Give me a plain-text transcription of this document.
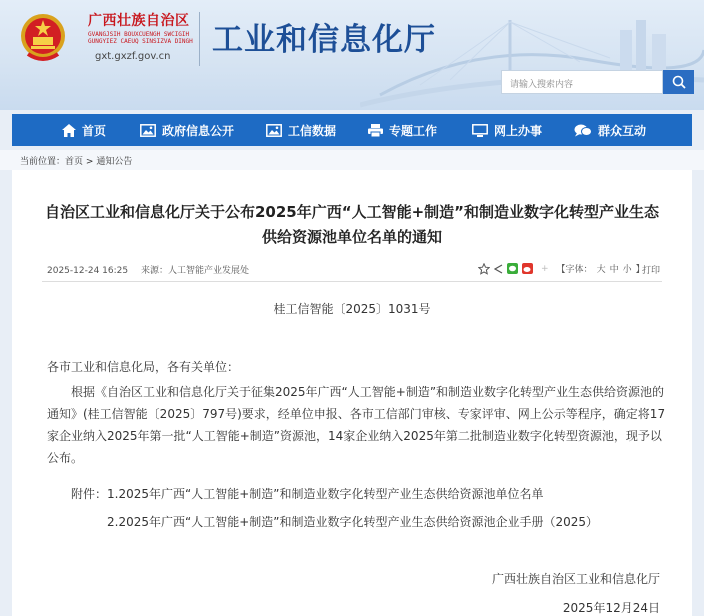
广西壮族自治区
GVANGJSIH BOUXCUENGH SWCIGIH
GUNGYIEZ CAEUQ SINSIZVA DINGH
gxt.gxzf.gov.cn 工业和信息化厅
请输入搜索内容
首页	政府信息公开	工信数据	专题工作	网上办事	群众互动
当前位置：首页 > 通知公告
自治区工业和信息化厅关于公布2025年广西“人工智能+制造”和制造业数字化转型产业生态供给资源池单位名单的通知
2025-12-24 16:25 来源：人工智能产业发展处	+ 【字体： 大 中 小 】
打印
桂工信智能〔2025〕1031号
各市工业和信息化局，各有关单位：
根据《自治区工业和信息化厅关于征集2025年广西“人工智能+制造”和制造业数字化转型产业生态供给资源池的通知》(桂工信智能〔2025〕797号)要求，经单位申报、各市工信部门审核、专家评审、网上公示等程序，确定将17家企业纳入2025年第一批“人工智能+制造”资源池，14家企业纳入2025年第二批制造业数字化转型资源池，现予以公布。
附件：1.2025年广西“人工智能+制造”和制造业数字化转型产业生态供给资源池单位名单
2.2025年广西“人工智能+制造”和制造业数字化转型产业生态供给资源池企业手册（2025）
广西壮族自治区工业和信息化厅
2025年12月24日
